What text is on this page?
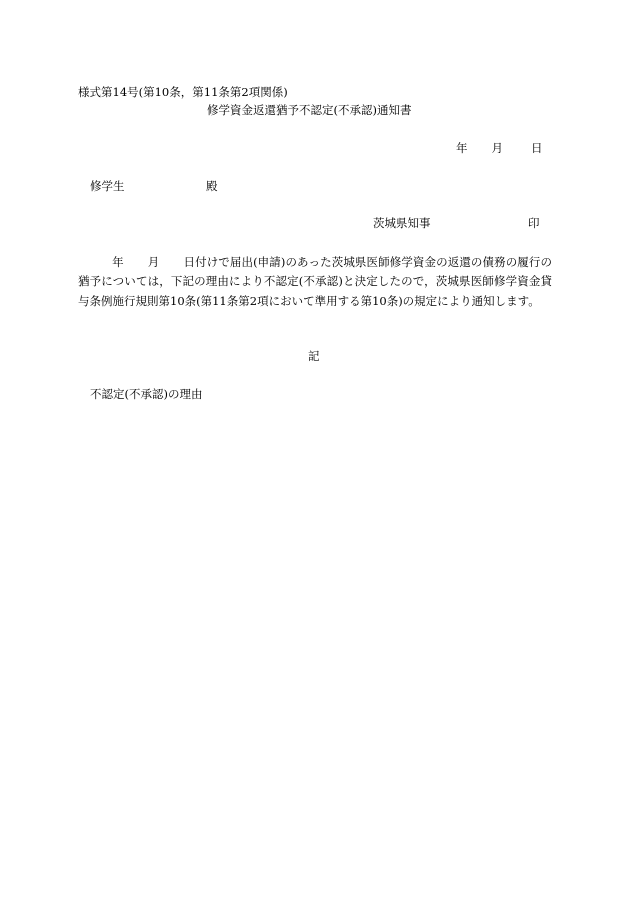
様式第14号(第10条，第11条第2項関係)
修学資金返還猶予不認定(不承認)通知書
年 月 日
修学生	殿
茨城県知事	印
年 月 日付けで届出(申請)のあった茨城県医師修学資金の返還の債務の履行の猶予については，下記の理由により不認定(不承認)と決定したので，茨城県医師修学資金貸与条例施行規則第10条(第11条第2項において準用する第10条)の規定により通知します。
記
不認定(不承認)の理由
